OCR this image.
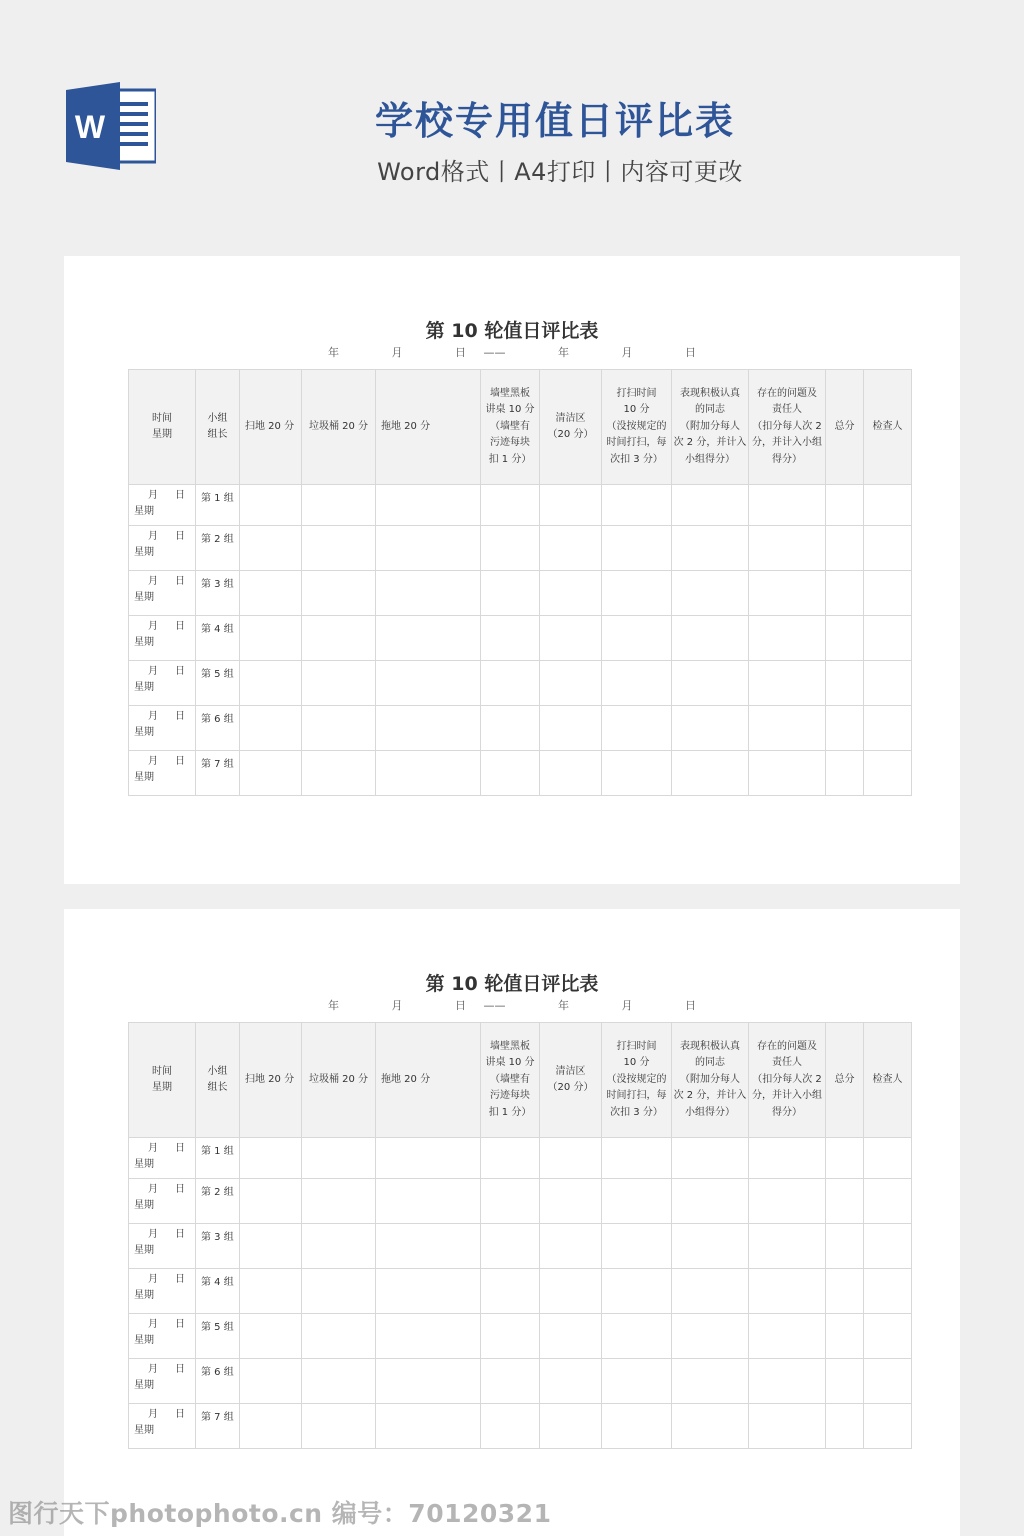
W	学校专用值日评比表
Word格式丨A4打印丨内容可更改
第 10 轮值日评比表
年   月   日 ——   年   月   日
时间
星期	小组
组长	扫地 20 分	垃圾桶 20 分	拖地 20 分	墙壁黑板
讲桌 10 分
（墙壁有
污迹每块
扣 1 分）	清洁区
（20 分）	打扫时间
10 分
（没按规定的
时间打扫，每
次扣 3 分）	表现积极认真
的同志
（附加分每人
次 2 分，并计入
小组得分）	存在的问题及
责任人
（扣分每人次 2
分，并计入小组
得分）	总分	检查人

月 日
星期	第 1 组										

月 日
星期	第 2 组										

月 日
星期	第 3 组										

月 日
星期	第 4 组										

月 日
星期	第 5 组										

月 日
星期	第 6 组										

月 日
星期	第 7 组										
第 10 轮值日评比表
年   月   日 ——   年   月   日
时间
星期	小组
组长	扫地 20 分	垃圾桶 20 分	拖地 20 分	墙壁黑板
讲桌 10 分
（墙壁有
污迹每块
扣 1 分）	清洁区
（20 分）	打扫时间
10 分
（没按规定的
时间打扫，每
次扣 3 分）	表现积极认真
的同志
（附加分每人
次 2 分，并计入
小组得分）	存在的问题及
责任人
（扣分每人次 2
分，并计入小组
得分）	总分	检查人

月 日
星期	第 1 组										

月 日
星期	第 2 组										

月 日
星期	第 3 组										

月 日
星期	第 4 组										

月 日
星期	第 5 组										

月 日
星期	第 6 组										

月 日
星期	第 7 组										
图行天下photophoto.cn 编号：70120321
